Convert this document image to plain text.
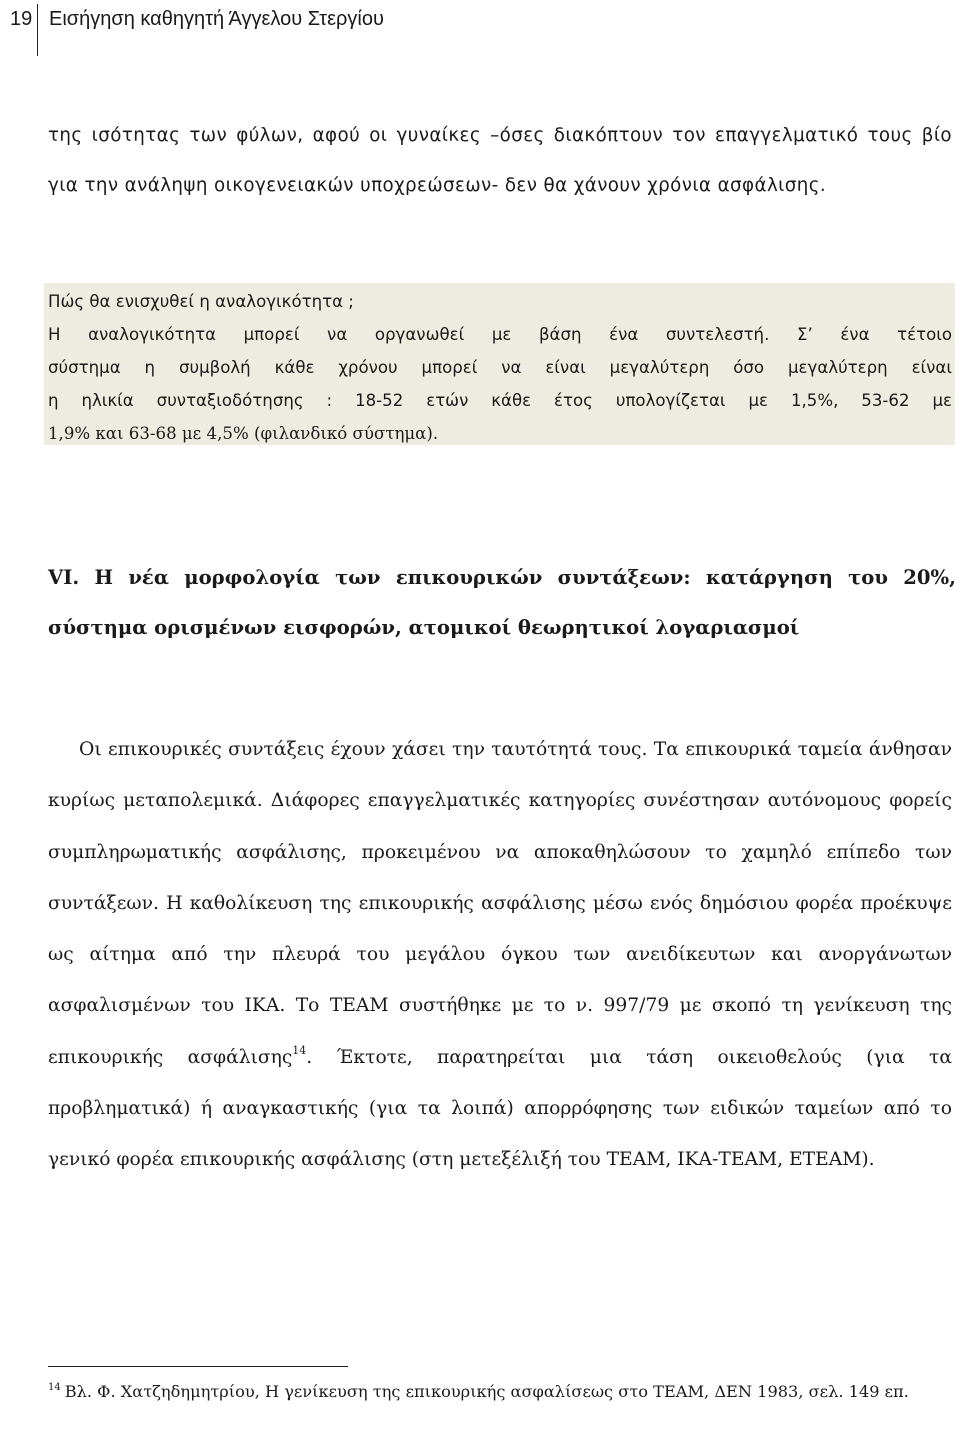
19 Εισήγηση καθηγητή Άγγελου Στεργίου

της ισότητας των φύλων, αφού οι γυναίκες –όσες διακόπτουν τον επαγγελματικό τους βίο για την ανάληψη οικογενειακών υποχρεώσεων- δεν θα χάνουν χρόνια ασφάλισης.

Πώς θα ενισχυθεί η αναλογικότητα ;
Η αναλογικότητα μπορεί να οργανωθεί με βάση ένα συντελεστή. Σ’ ένα τέτοιο
σύστημα η συμβολή κάθε χρόνου μπορεί να είναι μεγαλύτερη όσο μεγαλύτερη είναι
η ηλικία συνταξιοδότησης : 18-52 ετών κάθε έτος υπολογίζεται με 1,5%, 53-62 με
1,9% και 63-68 με 4,5% (φιλανδικό σύστημα).
VI. Η νέα μορφολογία των επικουρικών συντάξεων: κατάργηση του 20%, σύστημα ορισμένων εισφορών, ατομικοί θεωρητικοί λογαριασμοί

Οι επικουρικές συντάξεις έχουν χάσει την ταυτότητά τους. Τα επικουρικά ταμεία άνθησαν κυρίως μεταπολεμικά. Διάφορες επαγγελματικές κατηγορίες συνέστησαν αυτόνομους φορείς συμπληρωματικής ασφάλισης, προκειμένου να αποκαθηλώσουν το χαμηλό επίπεδο των συντάξεων. Η καθολίκευση της επικουρικής ασφάλισης μέσω ενός δημόσιου φορέα προέκυψε ως αίτημα από την πλευρά του μεγάλου όγκου των ανειδίκευτων και ανοργάνωτων ασφαλισμένων του ΙΚΑ. Το ΤΕΑΜ συστήθηκε με το ν. 997/79 με σκοπό τη γενίκευση της επικουρικής ασφάλισης$^{14}$. Έκτοτε, παρατηρείται μια τάση οικειοθελούς (για τα προβληματικά) ή αναγκαστικής (για τα λοιπά) απορρόφησης των ειδικών ταμείων από το γενικό φορέα επικουρικής ασφάλισης (στη μετεξέλιξή του ΤΕΑΜ, ΙΚΑ-ΤΕΑΜ, ΕΤΕΑΜ).

$^{14}$ Βλ. Φ. Χατζηδημητρίου, Η γενίκευση της επικουρικής ασφαλίσεως στο ΤΕΑΜ, ΔΕΝ 1983, σελ. 149 επ.
